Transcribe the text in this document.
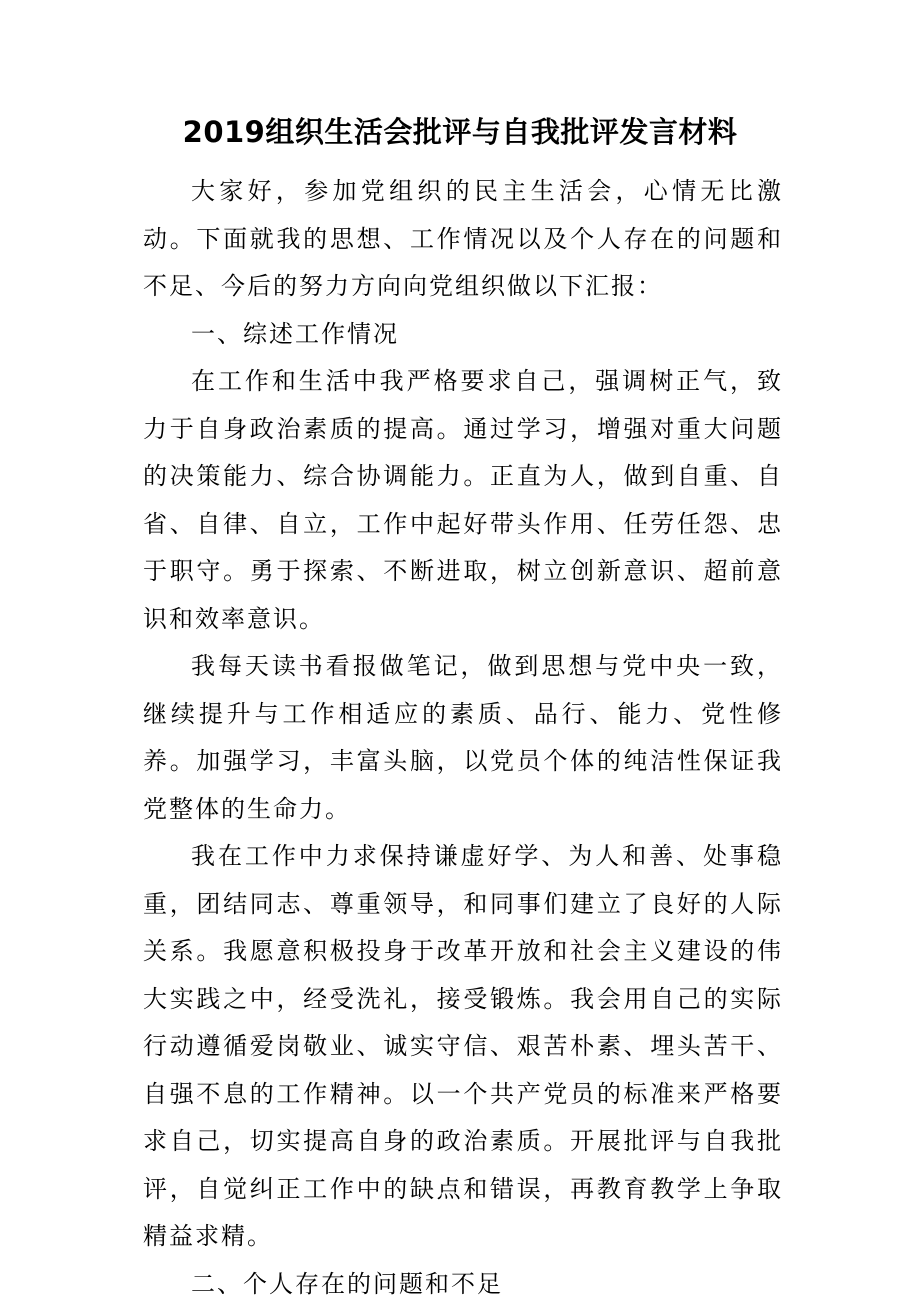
2019组织生活会批评与自我批评发言材料

大家好，参加党组织的民主生活会，心情无比激动。下面就我的思想、工作情况以及个人存在的问题和不足、今后的努力方向向党组织做以下汇报：

一、综述工作情况

在工作和生活中我严格要求自己，强调树正气，致力于自身政治素质的提高。通过学习，增强对重大问题的决策能力、综合协调能力。正直为人，做到自重、自省、自律、自立，工作中起好带头作用、任劳任怨、忠于职守。勇于探索、不断进取，树立创新意识、超前意识和效率意识。

我每天读书看报做笔记，做到思想与党中央一致，继续提升与工作相适应的素质、品行、能力、党性修养。加强学习，丰富头脑，以党员个体的纯洁性保证我党整体的生命力。

我在工作中力求保持谦虚好学、为人和善、处事稳重，团结同志、尊重领导，和同事们建立了良好的人际关系。我愿意积极投身于改革开放和社会主义建设的伟大实践之中，经受洗礼，接受锻炼。我会用自己的实际行动遵循爱岗敬业、诚实守信、艰苦朴素、埋头苦干、自强不息的工作精神。以一个共产党员的标准来严格要求自己，切实提高自身的政治素质。开展批评与自我批评，自觉纠正工作中的缺点和错误，再教育教学上争取精益求精。

二、个人存在的问题和不足
